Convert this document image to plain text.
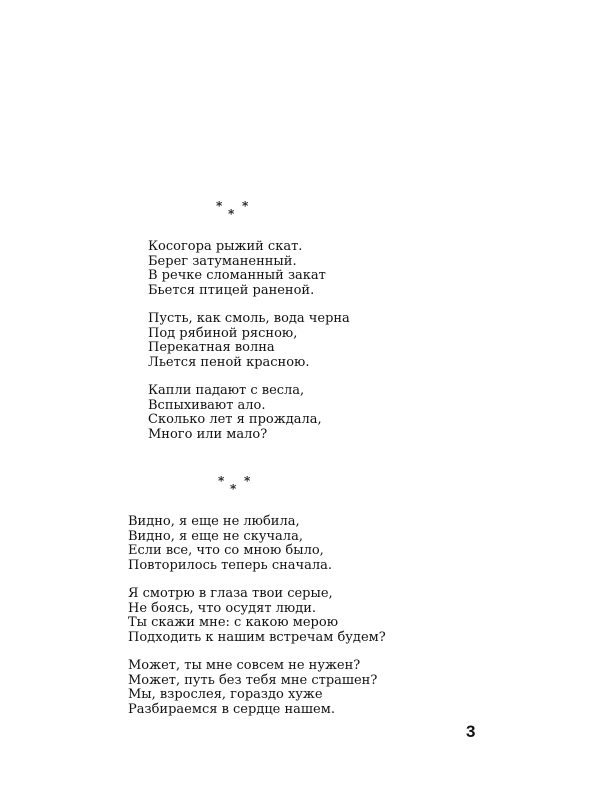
*
*
*
Косогора рыжий скат.
Берег затуманенный.
В речке сломанный закат
Бьется птицей раненой.
Пусть, как смоль, вода черна
Под рябиной рясною,
Перекатная волна
Льется пеной красною.
Капли падают с весла,
Вспыхивают ало.
Сколько лет я прождала,
Много или мало?
*
*
*
Видно, я еще не любила,
Видно, я еще не скучала,
Если все, что со мною было,
Повторилось теперь сначала.
Я смотрю в глаза твои серые,
Не боясь, что осудят люди.
Ты скажи мне: с какою мерою
Подходить к нашим встречам будем?
Может, ты мне совсем не нужен?
Может, путь без тебя мне страшен?
Мы, взрослея, гораздо хуже
Разбираемся в сердце нашем.
3
